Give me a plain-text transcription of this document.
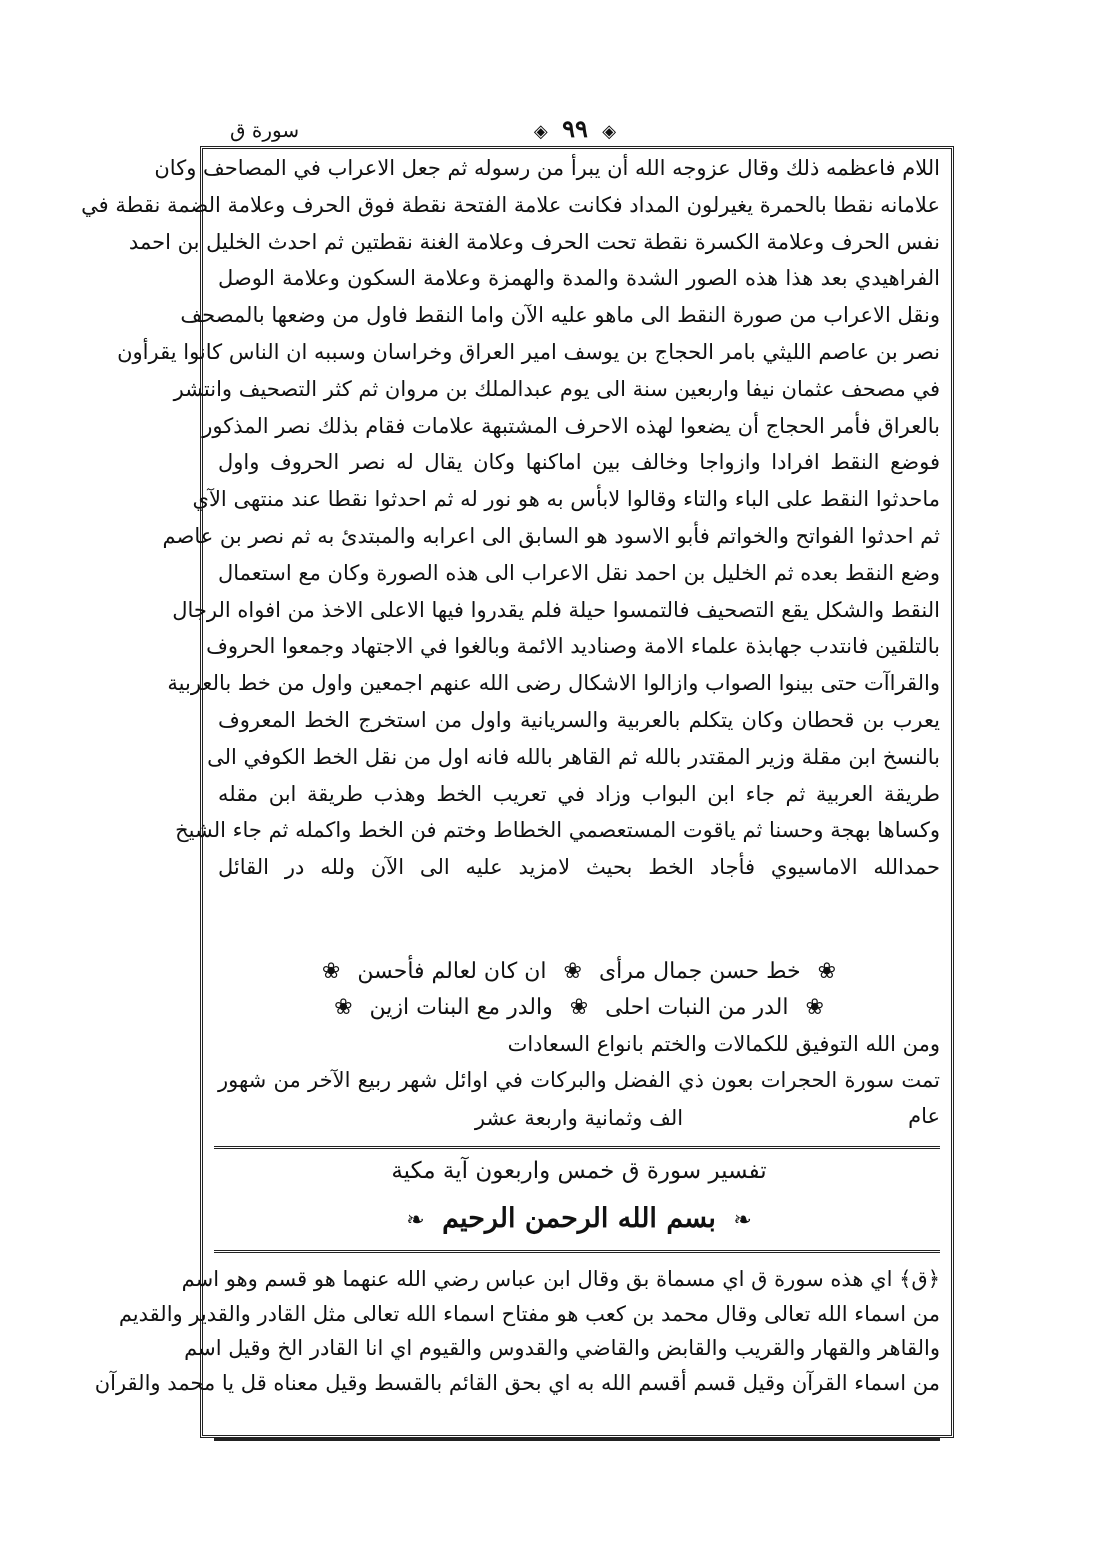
◈ ٩٩ ◈
سورة ق
اللام فاعظمه ذلك وقال عزوجه الله أن يبرأ من رسوله ثم جعل الاعراب في المصاحف وكان
علامانه نقطا بالحمرة يغيرلون المداد فكانت علامة الفتحة نقطة فوق الحرف وعلامة الضمة نقطة في
نفس الحرف وعلامة الكسرة نقطة تحت الحرف وعلامة الغنة نقطتين ثم احدث الخليل بن احمد
الفراهيدي بعد هذا هذه الصور الشدة والمدة والهمزة وعلامة السكون وعلامة الوصل
ونقل الاعراب من صورة النقط الى ماهو عليه الآن واما النقط فاول من وضعها بالمصحف
نصر بن عاصم الليثي بامر الحجاج بن يوسف امير العراق وخراسان وسببه ان الناس كانوا يقرأون
في مصحف عثمان نيفا واربعين سنة الى يوم عبدالملك بن مروان ثم كثر التصحيف وانتشر
بالعراق فأمر الحجاج أن يضعوا لهذه الاحرف المشتبهة علامات فقام بذلك نصر المذكور
فوضع النقط افرادا وازواجا وخالف بين اماكنها وكان يقال له نصر الحروف واول
ماحدثوا النقط على الباء والتاء وقالوا لابأس به هو نور له ثم احدثوا نقطا عند منتهى الآي
ثم احدثوا الفواتح والخواتم فأبو الاسود هو السابق الى اعرابه والمبتدئ به ثم نصر بن عاصم
وضع النقط بعده ثم الخليل بن احمد نقل الاعراب الى هذه الصورة وكان مع استعمال
النقط والشكل يقع التصحيف فالتمسوا حيلة فلم يقدروا فيها الاعلى الاخذ من افواه الرجال
بالتلقين فانتدب جهابذة علماء الامة وصناديد الائمة وبالغوا في الاجتهاد وجمعوا الحروف
والقراآت حتى بينوا الصواب وازالوا الاشكال رضى الله عنهم اجمعين واول من خط بالعربية
يعرب بن قحطان وكان يتكلم بالعربية والسريانية واول من استخرج الخط المعروف
بالنسخ ابن مقلة وزير المقتدر بالله ثم القاهر بالله فانه اول من نقل الخط الكوفي الى
طريقة العربية ثم جاء ابن البواب وزاد في تعريب الخط وهذب طريقة ابن مقله
وكساها بهجة وحسنا ثم ياقوت المستعصمي الخطاط وختم فن الخط واكمله ثم جاء الشيخ
حمدالله الاماسيوي فأجاد الخط بحيث لامزيد عليه الى الآن ولله در القائل
❀ خط حسن جمال مرأى ❀ ان كان لعالم فأحسن ❀
❀ الدر من النبات احلى ❀ والدر مع البنات ازين ❀
ومن الله التوفيق للكمالات والختم بانواع السعادات
تمت سورة الحجرات بعون ذي الفضل والبركات في اوائل شهر ربيع الآخر من شهور عام
الف وثمانية واربعة عشر
تفسير سورة ق خمس واربعون آية مكية
❧ بسم الله الرحمن الرحيم ❧
﴿ق﴾ اي هذه سورة ق اي مسماة بق وقال ابن عباس رضي الله عنهما هو قسم وهو اسم
من اسماء الله تعالى وقال محمد بن كعب هو مفتاح اسماء الله تعالى مثل القادر والقدير والقديم
والقاهر والقهار والقريب والقابض والقاضي والقدوس والقيوم اي انا القادر الخ وقيل اسم
من اسماء القرآن وقيل قسم أقسم الله به اي بحق القائم بالقسط وقيل معناه قل يا محمد والقرآن
